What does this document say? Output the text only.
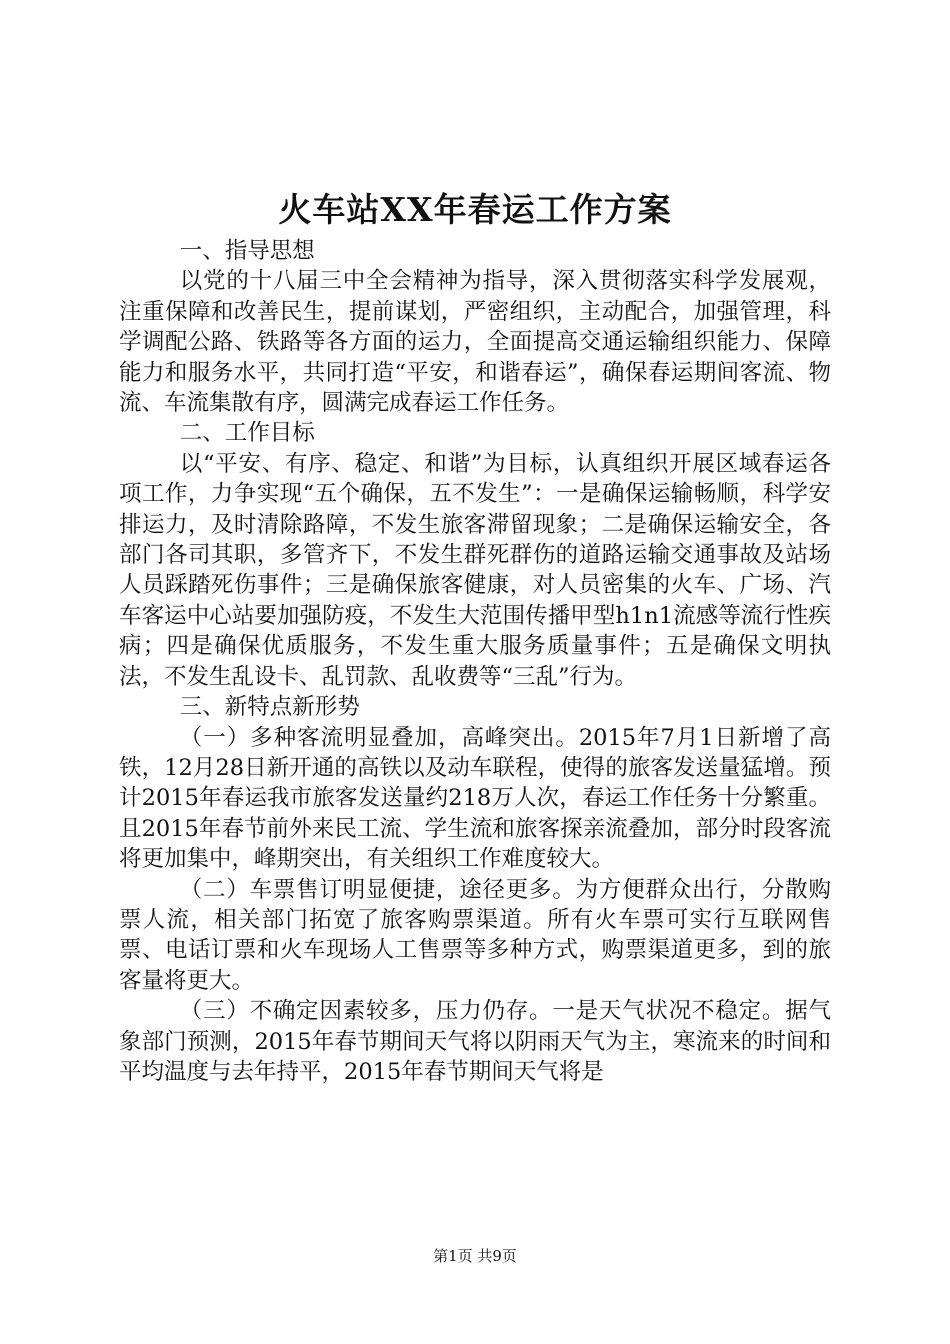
火车站XX年春运工作方案

一、指导思想

以党的十八届三中全会精神为指导，深入贯彻落实科学发展观，注重保障和改善民生，提前谋划，严密组织，主动配合，加强管理，科学调配公路、铁路等各方面的运力，全面提高交通运输组织能力、保障能力和服务水平，共同打造“平安，和谐春运”，确保春运期间客流、物流、车流集散有序，圆满完成春运工作任务。

二、工作目标

以“平安、有序、稳定、和谐”为目标，认真组织开展区域春运各项工作，力争实现“五个确保，五不发生”：一是确保运输畅顺，科学安排运力，及时清除路障，不发生旅客滞留现象；二是确保运输安全，各部门各司其职，多管齐下，不发生群死群伤的道路运输交通事故及站场人员踩踏死伤事件；三是确保旅客健康，对人员密集的火车、广场、汽车客运中心站要加强防疫，不发生大范围传播甲型h1n1流感等流行性疾病；四是确保优质服务，不发生重大服务质量事件；五是确保文明执法，不发生乱设卡、乱罚款、乱收费等“三乱”行为。

三、新特点新形势

（一）多种客流明显叠加，高峰突出。2015年7月1日新增了高铁，12月28日新开通的高铁以及动车联程，使得的旅客发送量猛增。预计2015年春运我市旅客发送量约218万人次，春运工作任务十分繁重。且2015年春节前外来民工流、学生流和旅客探亲流叠加，部分时段客流将更加集中，峰期突出，有关组织工作难度较大。

（二）车票售订明显便捷，途径更多。为方便群众出行，分散购票人流，相关部门拓宽了旅客购票渠道。所有火车票可实行互联网售票、电话订票和火车现场人工售票等多种方式，购票渠道更多，到的旅客量将更大。

（三）不确定因素较多，压力仍存。一是天气状况不稳定。据气象部门预测，2015年春节期间天气将以阴雨天气为主，寒流来的时间和平均温度与去年持平，2015年春节期间天气将是

第1页 共9页
